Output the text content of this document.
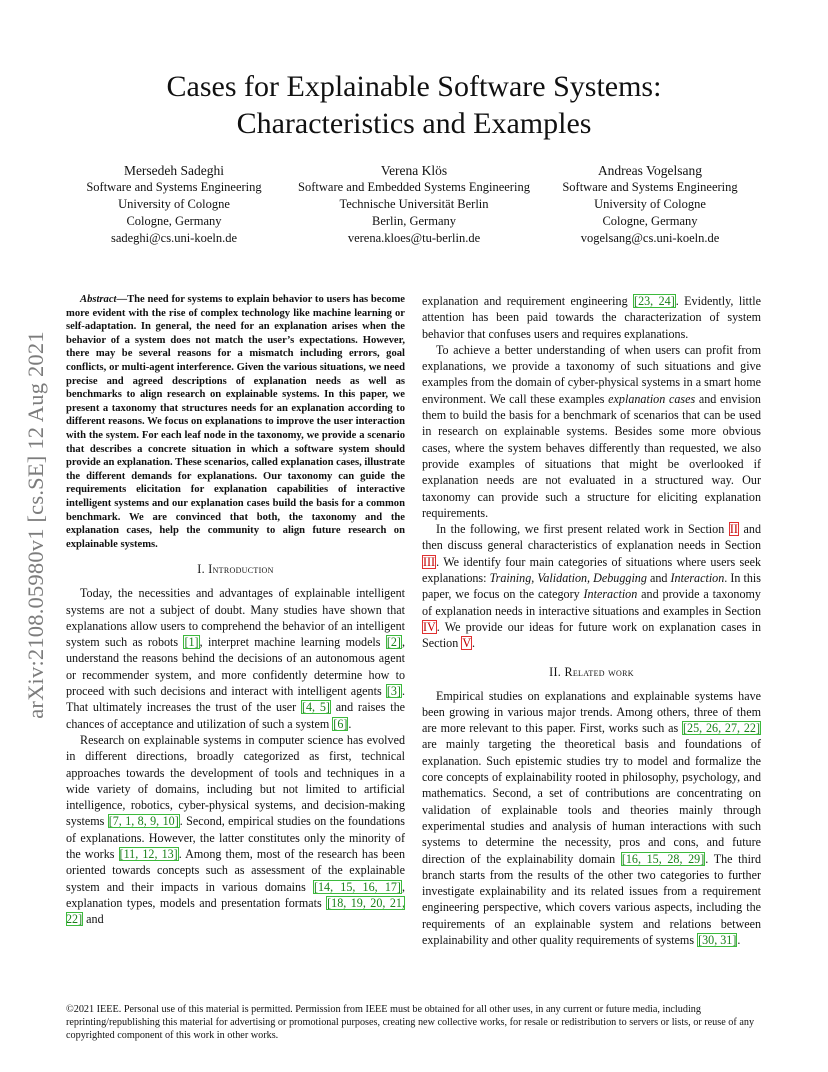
arXiv:2108.05980v1 [cs.SE] 12 Aug 2021
Cases for Explainable Software Systems:
Characteristics and Examples
Mersedeh Sadeghi
Software and Systems Engineering
University of Cologne
Cologne, Germany
sadeghi@cs.uni-koeln.de
Verena Klös
Software and Embedded Systems Engineering
Technische Universität Berlin
Berlin, Germany
verena.kloes@tu-berlin.de
Andreas Vogelsang
Software and Systems Engineering
University of Cologne
Cologne, Germany
vogelsang@cs.uni-koeln.de

Abstract—The need for systems to explain behavior to users has become more evident with the rise of complex technology like machine learning or self-adaptation. In general, the need for an explanation arises when the behavior of a system does not match the user’s expectations. However, there may be several reasons for a mismatch including errors, goal conflicts, or multi-agent interference. Given the various situations, we need precise and agreed descriptions of explanation needs as well as benchmarks to align research on explainable systems. In this paper, we present a taxonomy that structures needs for an explanation according to different reasons. We focus on explanations to improve the user interaction with the system. For each leaf node in the taxonomy, we provide a scenario that describes a concrete situation in which a software system should provide an explanation. These scenarios, called explanation cases, illustrate the different demands for explanations. Our taxonomy can guide the requirements elicitation for explanation capabilities of interactive intelligent systems and our explanation cases build the basis for a common benchmark. We are convinced that both, the taxonomy and the explanation cases, help the community to align future research on explainable systems.

I. Introduction

Today, the necessities and advantages of explainable intelligent systems are not a subject of doubt. Many studies have shown that explanations allow users to comprehend the behavior of an intelligent system such as robots [1], interpret machine learning models [2], understand the reasons behind the decisions of an autonomous agent or recommender system, and more confidently determine how to proceed with such decisions and interact with intelligent agents [3]. That ultimately increases the trust of the user [4, 5] and raises the chances of acceptance and utilization of such a system [6].

Research on explainable systems in computer science has evolved in different directions, broadly categorized as first, technical approaches towards the development of tools and techniques in a wide variety of domains, including but not limited to artificial intelligence, robotics, cyber-physical systems, and decision-making systems [7, 1, 8, 9, 10]. Second, empirical studies on the foundations of explanations. However, the latter constitutes only the minority of the works [11, 12, 13]. Among them, most of the research has been oriented towards concepts such as assessment of the explainable system and their impacts in various domains [14, 15, 16, 17], explanation types, models and presentation formats [18, 19, 20, 21, 22] and

explanation and requirement engineering [23, 24]. Evidently, little attention has been paid towards the characterization of system behavior that confuses users and requires explanations.

To achieve a better understanding of when users can profit from explanations, we provide a taxonomy of such situations and give examples from the domain of cyber-physical systems in a smart home environment. We call these examples explanation cases and envision them to build the basis for a benchmark of scenarios that can be used in research on explainable systems. Besides some more obvious cases, where the system behaves differently than requested, we also provide examples of situations that might be overlooked if explanation needs are not evaluated in a structured way. Our taxonomy can provide such a structure for eliciting explanation requirements.

In the following, we first present related work in Section II and then discuss general characteristics of explanation needs in Section III. We identify four main categories of situations where users seek explanations: Training, Validation, Debugging and Interaction. In this paper, we focus on the category Interaction and provide a taxonomy of explanation needs in interactive situations and examples in Section IV. We provide our ideas for future work on explanation cases in Section V.

II. Related work

Empirical studies on explanations and explainable systems have been growing in various major trends. Among others, three of them are more relevant to this paper. First, works such as [25, 26, 27, 22] are mainly targeting the theoretical basis and foundations of explanation. Such epistemic studies try to model and formalize the core concepts of explainability rooted in philosophy, psychology, and mathematics. Second, a set of contributions are concentrating on validation of explainable tools and theories mainly through experimental studies and analysis of human interactions with such systems to determine the necessity, pros and cons, and future direction of the explainability domain [16, 15, 28, 29]. The third branch starts from the results of the other two categories to further investigate explainability and its related issues from a requirement engineering perspective, which covers various aspects, including the requirements of an explainable system and relations between explainability and other quality requirements of systems [30, 31].

©2021 IEEE. Personal use of this material is permitted. Permission from IEEE must be obtained for all other uses, in any current or future media, including reprinting/republishing this material for advertising or promotional purposes, creating new collective works, for resale or redistribution to servers or lists, or reuse of any copyrighted component of this work in other works.
